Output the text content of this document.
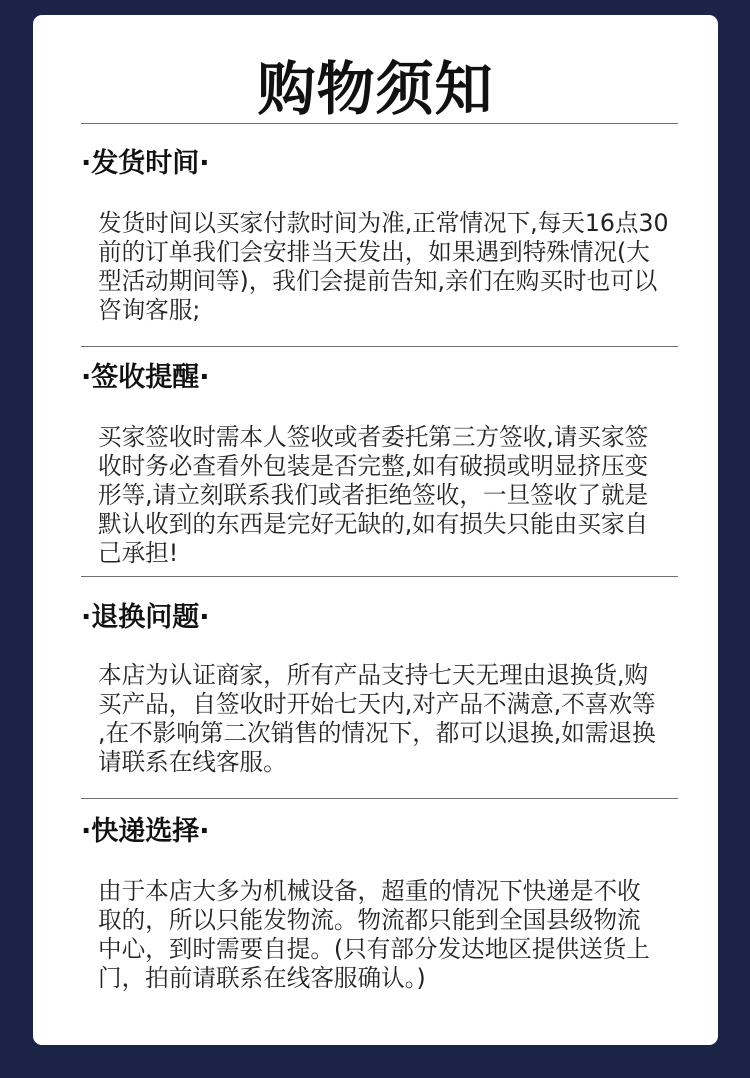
购物须知
·发货时间·

发货时间以买家付款时间为准,正常情况下,每天16点30
前的订单我们会安排当天发出，如果遇到特殊情况(大
型活动期间等)，我们会提前告知,亲们在购买时也可以
咨询客服;

·签收提醒·

买家签收时需本人签收或者委托第三方签收,请买家签
收时务必查看外包装是否完整,如有破损或明显挤压变
形等,请立刻联系我们或者拒绝签收，一旦签收了就是
默认收到的东西是完好无缺的,如有损失只能由买家自
己承担!

·退换问题·

本店为认证商家，所有产品支持七天无理由退换货,购
买产品，自签收时开始七天内,对产品不满意,不喜欢等
,在不影响第二次销售的情况下，都可以退换,如需退换
请联系在线客服。

·快递选择·

由于本店大多为机械设备，超重的情况下快递是不收
取的，所以只能发物流。物流都只能到全国县级物流
中心，到时需要自提。(只有部分发达地区提供送货上
门，拍前请联系在线客服确认。)
